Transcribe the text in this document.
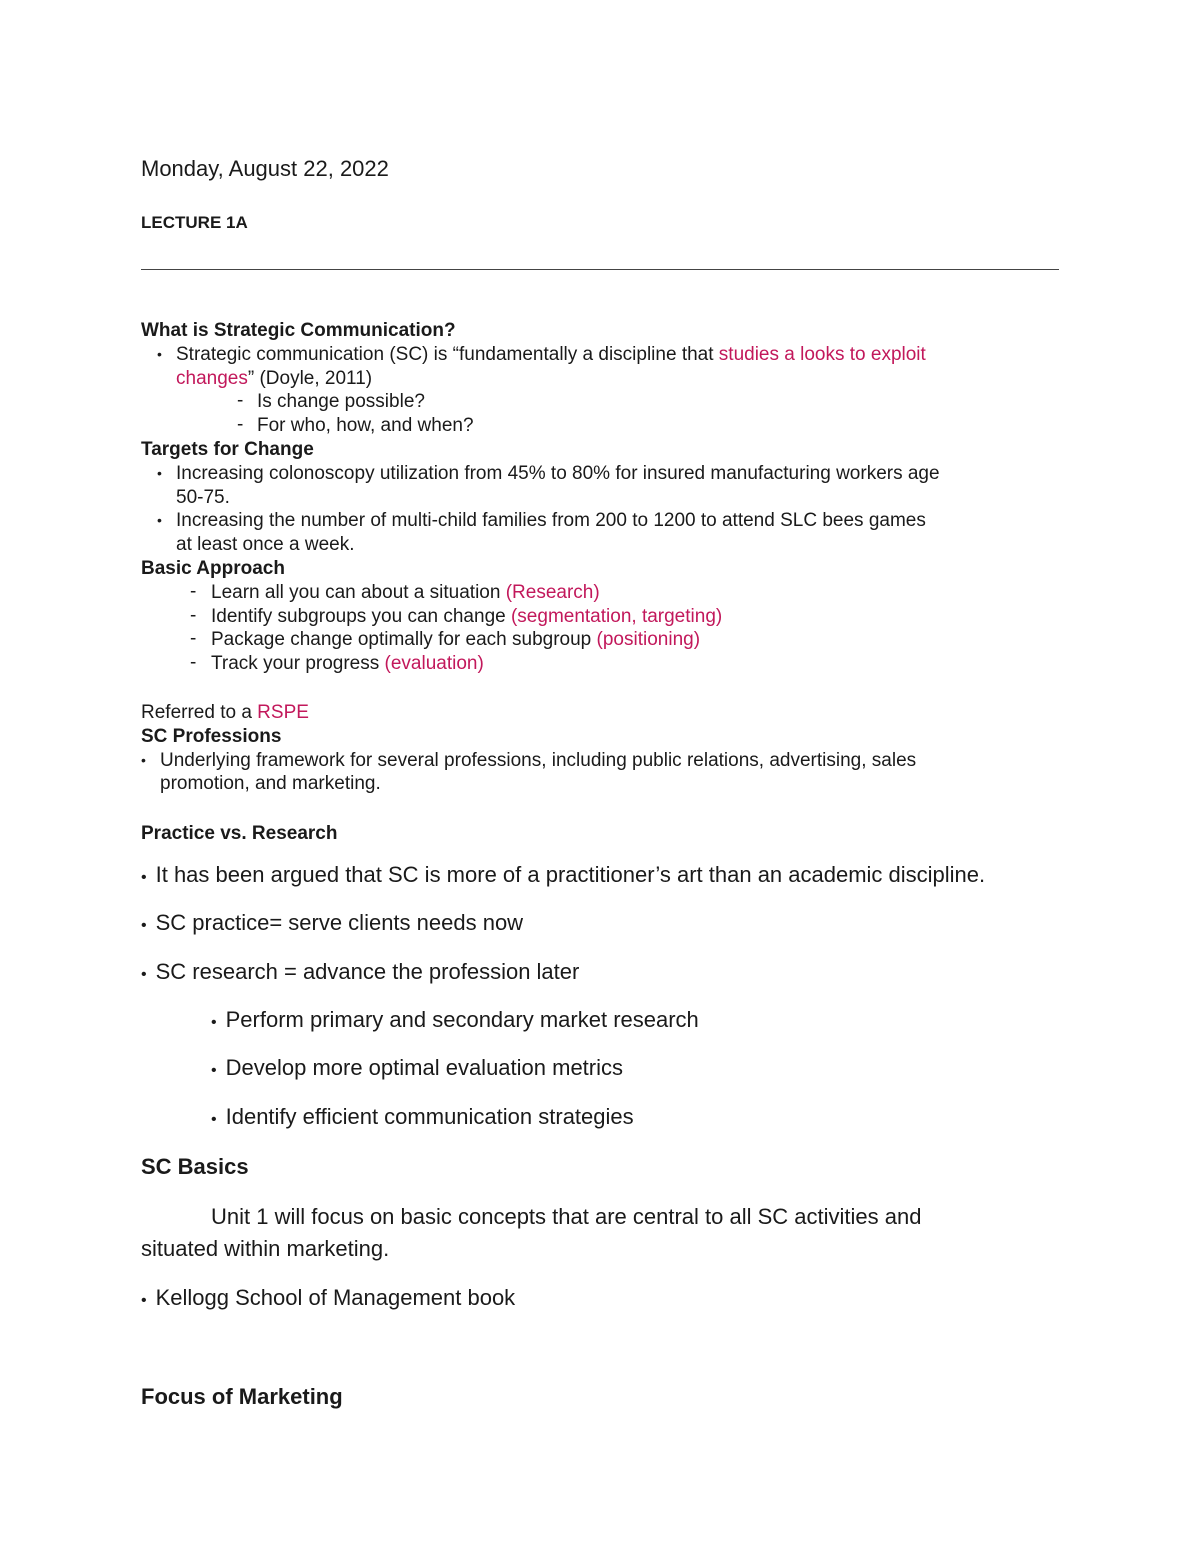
Monday, August 22, 2022
LECTURE 1A
What is Strategic Communication?
• Strategic communication (SC) is “fundamentally a discipline that studies a looks to exploit
changes” (Doyle, 2011)
- Is change possible?
- For who, how, and when?
Targets for Change
• Increasing colonoscopy utilization from 45% to 80% for insured manufacturing workers age
50-75.
• Increasing the number of multi-child families from 200 to 1200 to attend SLC bees games
at least once a week.
Basic Approach
- Learn all you can about a situation (Research)
- Identify subgroups you can change (segmentation, targeting)
- Package change optimally for each subgroup (positioning)
- Track your progress (evaluation)
Referred to a RSPE
SC Professions
• Underlying framework for several professions, including public relations, advertising, sales
promotion, and marketing.
Practice vs. Research
• It has been argued that SC is more of a practitioner’s art than an academic discipline.
• SC practice= serve clients needs now
• SC research = advance the profession later
• Perform primary and secondary market research
• Develop more optimal evaluation metrics
• Identify efficient communication strategies
SC Basics
Unit 1 will focus on basic concepts that are central to all SC activities and
situated within marketing.
• Kellogg School of Management book
Focus of Marketing
